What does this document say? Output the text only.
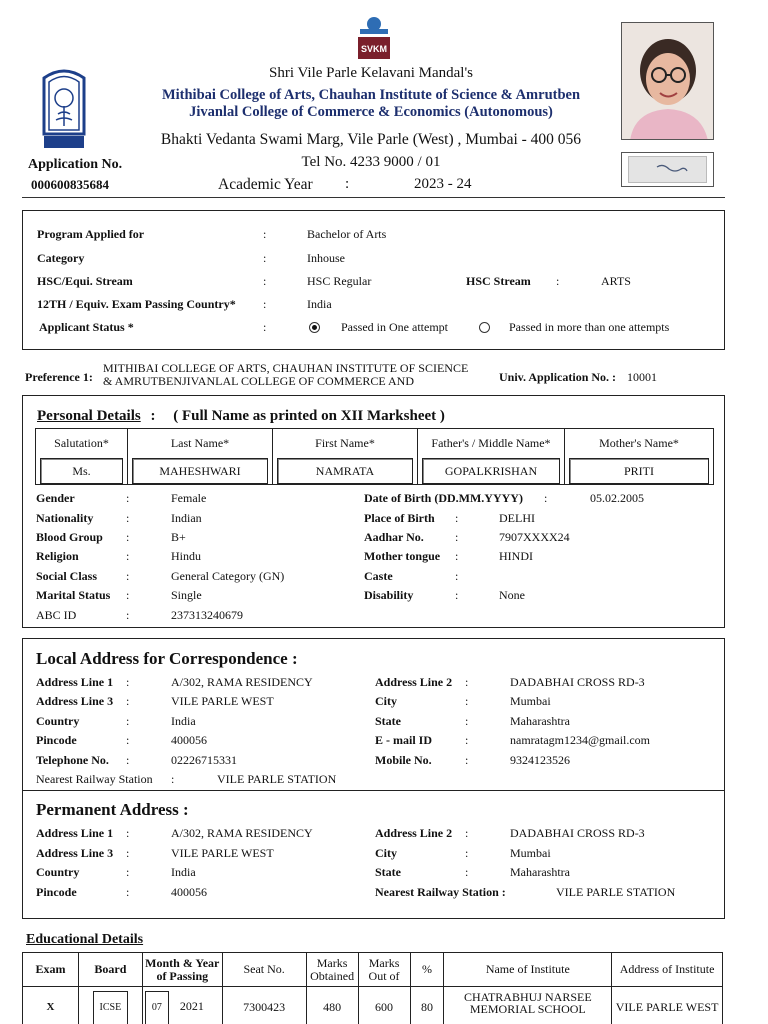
SVKM
Shri Vile Parle Kelavani Mandal's
Mithibai College of Arts, Chauhan Institute of Science & Amrutben
Jivanlal College of Commerce & Economics (Autonomous)
Bhakti Vedanta Swami Marg, Vile Parle (West) , Mumbai - 400 056
Tel No. 4233 9000 / 01
Application No.
000600835684	Academic Year :	2023 - 24
Program Applied for	:	Bachelor of Arts
Category	:	Inhouse
HSC/Equi. Stream	:	HSC Regular	HSC Stream :	ARTS
12TH / Equiv. Exam Passing Country* :	India
Applicant Status *	:	Passed in One attempt	Passed in more than one attempts
Preference 1:
MITHIBAI COLLEGE OF ARTS, CHAUHAN INSTITUTE OF SCIENCE
& AMRUTBENJIVANLAL COLLEGE OF COMMERCE AND	Univ. Application No. : 10001
Personal Details : ( Full Name as printed on XII Marksheet )
Salutation*
Ms.
Last Name*
MAHESHWARI
First Name*
NAMRATA
Father's / Middle Name*
GOPALKRISHAN
Mother's Name*
PRITI
Gender	:	Female
Nationality	:	Indian
Blood Group :	B+
Religion	:	Hindu
Social Class :	General Category (GN)
Marital Status :	Single
ABC ID	:	237313240679
Date of Birth (DD.MM.YYYY) :	05.02.2005
Place of Birth :	DELHI
Aadhar No.	:	7907XXXX24
Mother tongue :	HINDI
Caste	:
Disability	:	None
Local Address for Correspondence :
Address Line 1 :	A/302, RAMA RESIDENCY
Address Line 3 :	VILE PARLE WEST
Country	:	India
Pincode	:	400056
Telephone No. :	02226715331
Nearest Railway Station :	VILE PARLE STATION
Address Line 2 :	DADABHAI CROSS RD-3
City	:	Mumbai
State	:	Maharashtra
E - mail ID	:	namratagm1234@gmail.com
Mobile No.	:	9324123526
Permanent Address :
Address Line 1 :	A/302, RAMA RESIDENCY
Address Line 3 :	VILE PARLE WEST
Country	:	India
Pincode	:	400056
Address Line 2 :	DADABHAI CROSS RD-3
City	:	Mumbai
State	:	Maharashtra
Nearest Railway Station :	VILE PARLE STATION
Educational Details
Exam	Board	Month & Year of Passing	Seat No.	Marks Obtained	Marks Out of	%	Name of Institute	Address of Institute
X	ICSE	07 2021	7300423	480	600	80	CHATRABHUJ NARSEE MEMORIAL SCHOOL	VILE PARLE WEST
